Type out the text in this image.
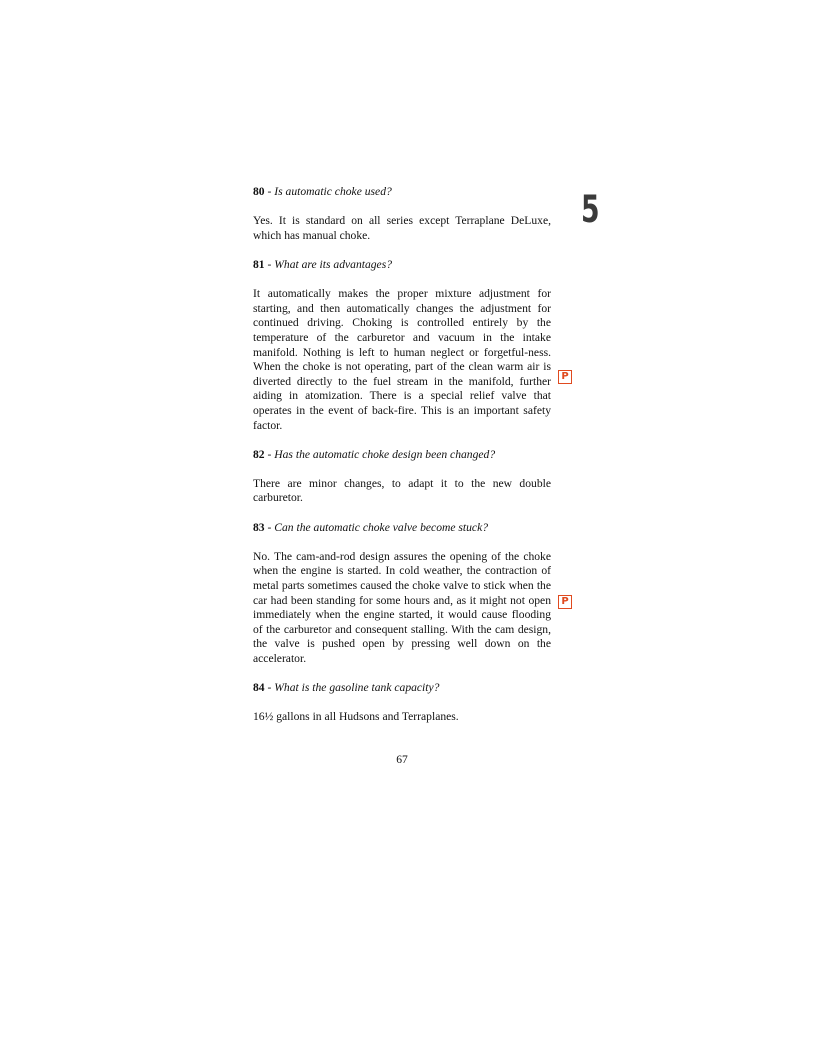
5

80 - Is automatic choke used?

Yes. It is standard on all series except Terraplane DeLuxe, which has manual choke.

81 - What are its advantages?

It automatically makes the proper mixture adjustment for starting, and then automatically changes the adjustment for continued driving. Choking is controlled entirely by the temperature of the carburetor and vacuum in the intake manifold. Nothing is left to human neglect or forgetful-ness. When the choke is not operating, part of the clean warm air is diverted directly to the fuel stream in the manifold, further aiding in atomization. There is a special relief valve that operates in the event of back-fire. This is an important safety factor.

82 - Has the automatic choke design been changed?

There are minor changes, to adapt it to the new double carburetor.

83 - Can the automatic choke valve become stuck?

No. The cam-and-rod design assures the opening of the choke when the engine is started. In cold weather, the contraction of metal parts sometimes caused the choke valve to stick when the car had been standing for some hours and, as it might not open immediately when the engine started, it would cause flooding of the carburetor and consequent stalling. With the cam design, the valve is pushed open by pressing well down on the accelerator.

84 - What is the gasoline tank capacity?

16½ gallons in all Hudsons and Terraplanes.

P
P
67
